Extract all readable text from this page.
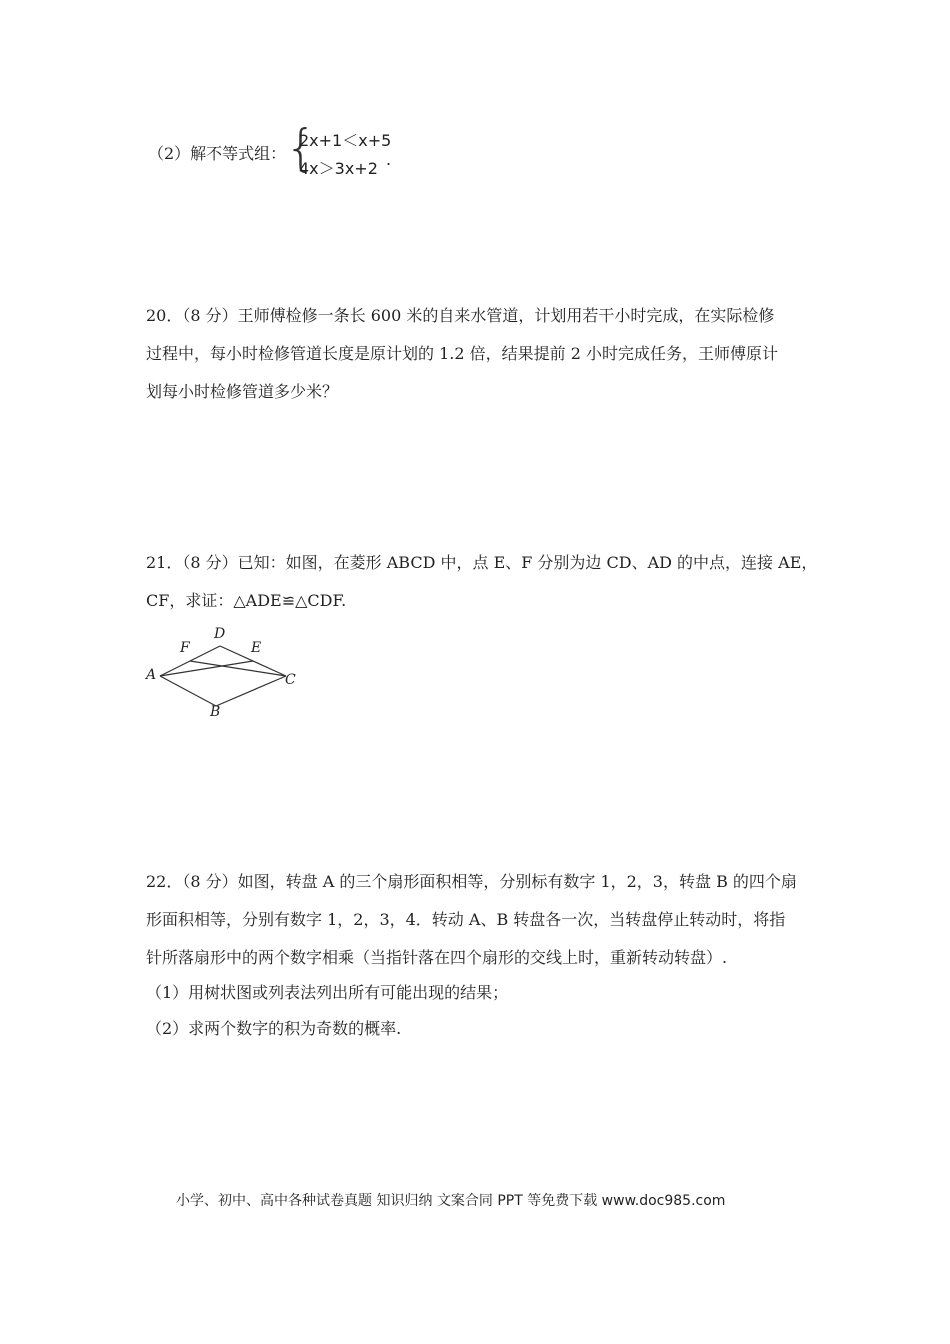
（2）解不等式组：
{
2x+1＜x+5
4x＞3x+2 .
20．（8 分）王师傅检修一条长 600 米的自来水管道，计划用若干小时完成，在实际检修
过程中，每小时检修管道长度是原计划的 1.2 倍，结果提前 2 小时完成任务，王师傅原计
划每小时检修管道多少米？
21．（8 分）已知：如图，在菱形 ABCD 中，点 E、F 分别为边 CD、AD 的中点，连接 AE，
CF，求证：△ADE≌△CDF.
A
B
C
D
E
F
22．（8 分）如图，转盘 A 的三个扇形面积相等，分别标有数字 1，2，3，转盘 B 的四个扇
形面积相等，分别有数字 1，2，3，4．转动 A、B 转盘各一次，当转盘停止转动时，将指
针所落扇形中的两个数字相乘（当指针落在四个扇形的交线上时，重新转动转盘）.
（1）用树状图或列表法列出所有可能出现的结果；
（2）求两个数字的积为奇数的概率.
小学、初中、高中各种试卷真题 知识归纳 文案合同 PPT 等免费下载 www.doc985.com
